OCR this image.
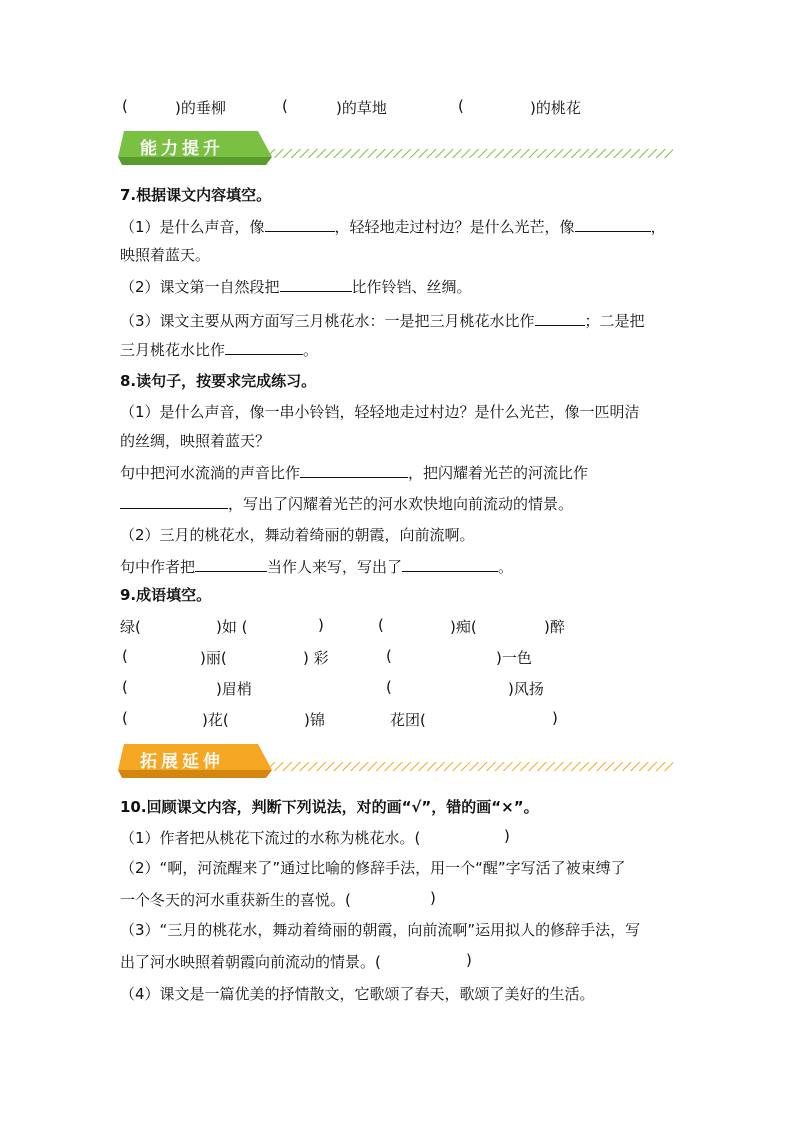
(	)的垂柳	(	)的草地	(	)的桃花
能力提升
7.根据课文内容填空。
（1）是什么声音，像	，轻轻地走过村边？是什么光芒，像	，
映照着蓝天。
（2）课文第一自然段把	比作铃铛、丝绸。
（3）课文主要从两方面写三月桃花水：一是把三月桃花水比作	；二是把
三月桃花水比作	。
8.读句子，按要求完成练习。
（1）是什么声音，像一串小铃铛，轻轻地走过村边？是什么光芒，像一匹明洁
的丝绸，映照着蓝天？
句中把河水流淌的声音比作	，把闪耀着光芒的河流比作
，写出了闪耀着光芒的河水欢快地向前流动的情景。
（2）三月的桃花水，舞动着绮丽的朝霞，向前流啊。
句中作者把	当作人来写，写出了	。
9.成语填空。
绿(	)如 (	)	(	)痴(	)醉
(	)丽(	) 彩	(	)一色
(	)眉梢	(	)风扬
(	)花(	)锦	花团(	)
拓展延伸
10.回顾课文内容，判断下列说法，对的画“√”，错的画“×”。
（1）作者把从桃花下流过的水称为桃花水。(	)
（2）“啊，河流醒来了”通过比喻的修辞手法，用一个“醒”字写活了被束缚了
一个冬天的河水重获新生的喜悦。(	)
（3）“三月的桃花水，舞动着绮丽的朝霞，向前流啊”运用拟人的修辞手法，写
出了河水映照着朝霞向前流动的情景。(	)
（4）课文是一篇优美的抒情散文，它歌颂了春天，歌颂了美好的生活。
